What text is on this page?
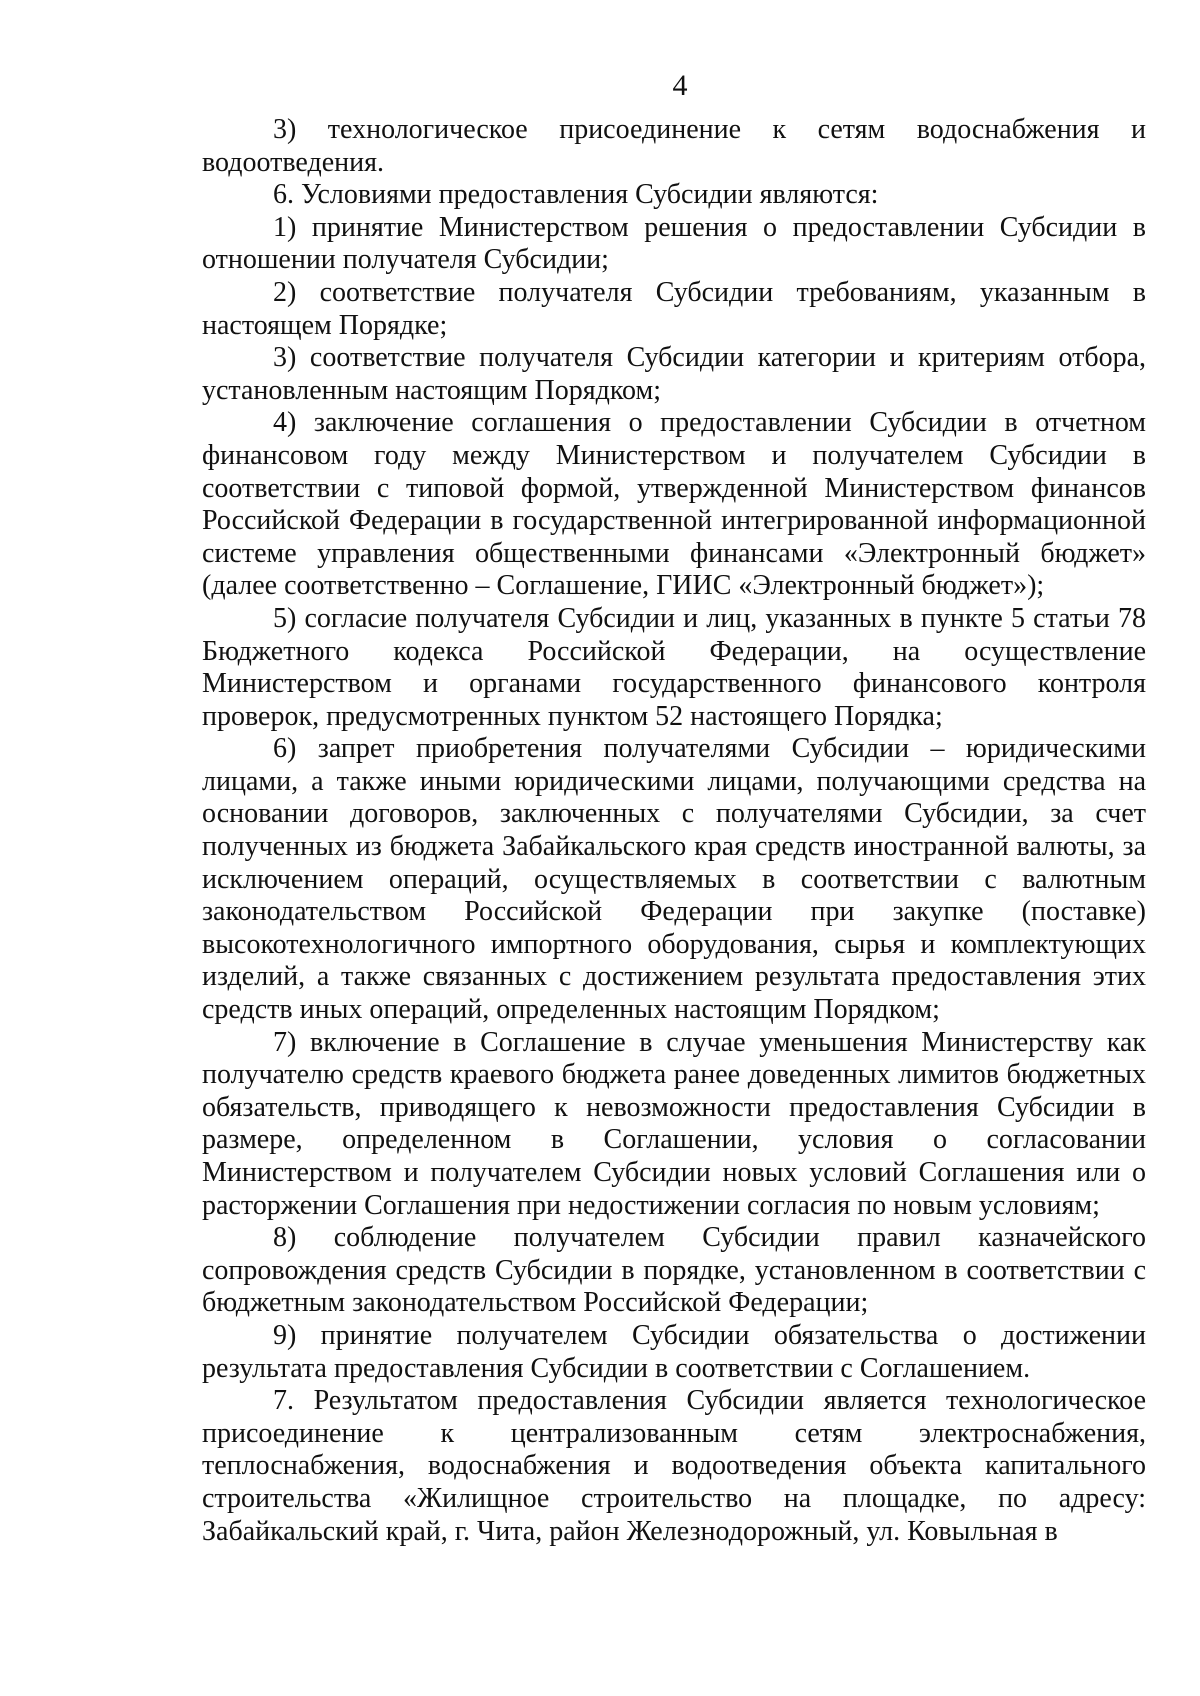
4

3) технологическое присоединение к сетям водоснабжения и водоотведения.

6. Условиями предоставления Субсидии являются:

1) принятие Министерством решения о предоставлении Субсидии в отношении получателя Субсидии;

2) соответствие получателя Субсидии требованиям, указанным в настоящем Порядке;

3) соответствие получателя Субсидии категории и критериям отбора, установленным настоящим Порядком;

4) заключение соглашения о предоставлении Субсидии в отчетном финансовом году между Министерством и получателем Субсидии в соответствии с типовой формой, утвержденной Министерством финансов Российской Федерации в государственной интегрированной информационной системе управления общественными финансами «Электронный бюджет» (далее соответственно – Соглашение, ГИИС «Электронный бюджет»);

5) согласие получателя Субсидии и лиц, указанных в пункте 5 статьи 78 Бюджетного кодекса Российской Федерации, на осуществление Министерством и органами государственного финансового контроля проверок, предусмотренных пунктом 52 настоящего Порядка;

6) запрет приобретения получателями Субсидии – юридическими лицами, а также иными юридическими лицами, получающими средства на основании договоров, заключенных с получателями Субсидии, за счет полученных из бюджета Забайкальского края средств иностранной валюты, за исключением операций, осуществляемых в соответствии с валютным законодательством Российской Федерации при закупке (поставке) высокотехнологичного импортного оборудования, сырья и комплектующих изделий, а также связанных с достижением результата предоставления этих средств иных операций, определенных настоящим Порядком;

7) включение в Соглашение в случае уменьшения Министерству как получателю средств краевого бюджета ранее доведенных лимитов бюджетных обязательств, приводящего к невозможности предоставления Субсидии в размере, определенном в Соглашении, условия о согласовании Министерством и получателем Субсидии новых условий Соглашения или о расторжении Соглашения при недостижении согласия по новым условиям;

8) соблюдение получателем Субсидии правил казначейского сопровождения средств Субсидии в порядке, установленном в соответствии с бюджетным законодательством Российской Федерации;

9) принятие получателем Субсидии обязательства о достижении результата предоставления Субсидии в соответствии с Соглашением.

7. Результатом предоставления Субсидии является технологическое присоединение к централизованным сетям электроснабжения, теплоснабжения, водоснабжения и водоотведения объекта капитального строительства «Жилищное строительство на площадке, по адресу: Забайкальский край, г. Чита, район Железнодорожный, ул. Ковыльная в
